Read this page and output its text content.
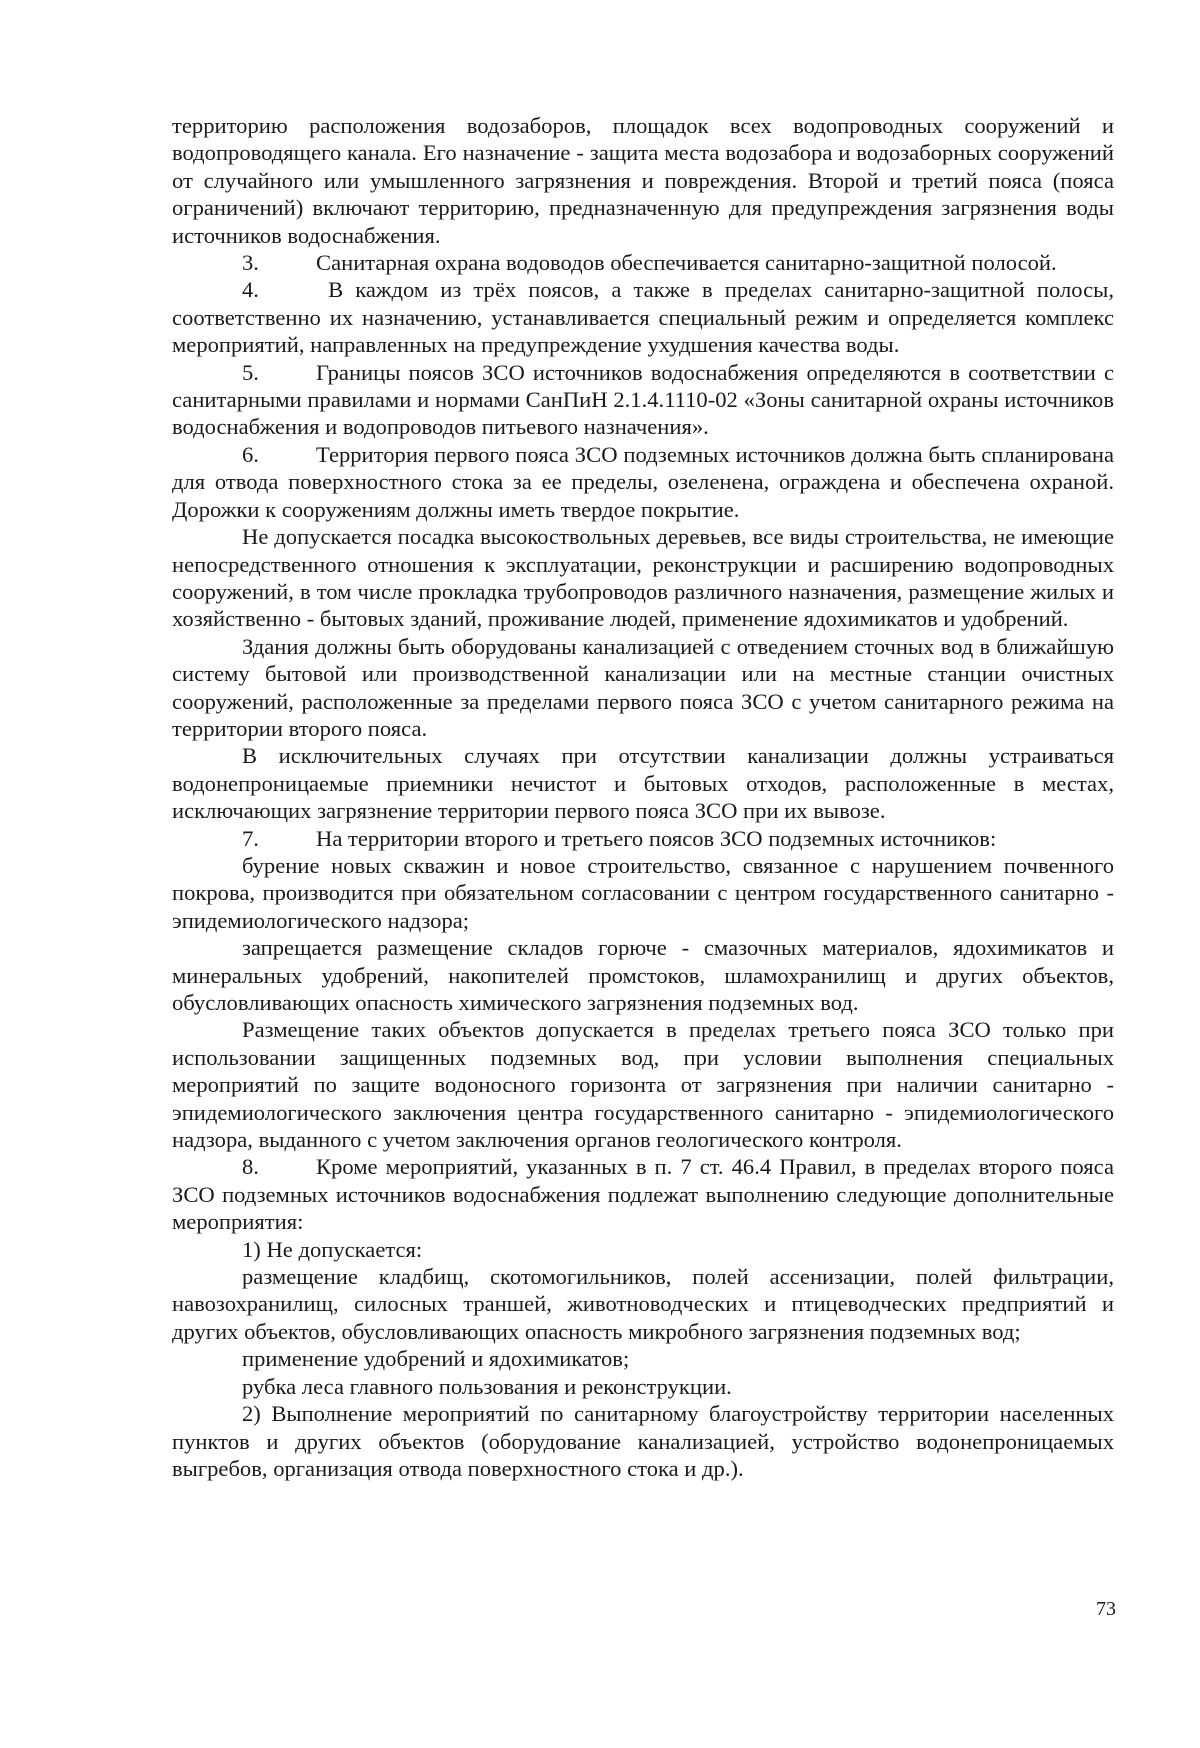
территорию расположения водозаборов, площадок всех водопроводных сооружений и водопроводящего канала. Его назначение - защита места водозабора и водозаборных сооружений от случайного или умышленного загрязнения и повреждения. Второй и третий пояса (пояса ограничений) включают территорию, предназначенную для предупреждения загрязнения воды источников водоснабжения.

3.	Санитарная охрана водоводов обеспечивается санитарно-защитной полосой.

4.	В каждом из трёх поясов, а также в пределах санитарно-защитной полосы, соответственно их назначению, устанавливается специальный режим и определяется комплекс мероприятий, направленных на предупреждение ухудшения качества воды.

5.	Границы поясов ЗСО источников водоснабжения определяются в соответствии с санитарными правилами и нормами СанПиН 2.1.4.1110-02 «Зоны санитарной охраны источников водоснабжения и водопроводов питьевого назначения».

6.	Территория первого пояса ЗСО подземных источников должна быть спланирована для отвода поверхностного стока за ее пределы, озеленена, ограждена и обеспечена охраной. Дорожки к сооружениям должны иметь твердое покрытие.

Не допускается посадка высокоствольных деревьев, все виды строительства, не имеющие непосредственного отношения к эксплуатации, реконструкции и расширению водопроводных сооружений, в том числе прокладка трубопроводов различного назначения, размещение жилых и хозяйственно - бытовых зданий, проживание людей, применение ядохимикатов и удобрений.

Здания должны быть оборудованы канализацией с отведением сточных вод в ближайшую систему бытовой или производственной канализации или на местные станции очистных сооружений, расположенные за пределами первого пояса ЗСО с учетом санитарного режима на территории второго пояса.

В исключительных случаях при отсутствии канализации должны устраиваться водонепроницаемые приемники нечистот и бытовых отходов, расположенные в местах, исключающих загрязнение территории первого пояса ЗСО при их вывозе.

7.	На территории второго и третьего поясов ЗСО подземных источников:

бурение новых скважин и новое строительство, связанное с нарушением почвенного покрова, производится при обязательном согласовании с центром государственного санитарно - эпидемиологического надзора;

запрещается размещение складов горюче - смазочных материалов, ядохимикатов и минеральных удобрений, накопителей промстоков, шламохранилищ и других объектов, обусловливающих опасность химического загрязнения подземных вод.

Размещение таких объектов допускается в пределах третьего пояса ЗСО только при использовании защищенных подземных вод, при условии выполнения специальных мероприятий по защите водоносного горизонта от загрязнения при наличии санитарно - эпидемиологического заключения центра государственного санитарно - эпидемиологического надзора, выданного с учетом заключения органов геологического контроля.

8.	Кроме мероприятий, указанных в п. 7 ст. 46.4 Правил, в пределах второго пояса ЗСО подземных источников водоснабжения подлежат выполнению следующие дополнительные мероприятия:

1) Не допускается:

размещение кладбищ, скотомогильников, полей ассенизации, полей фильтрации, навозохранилищ, силосных траншей, животноводческих и птицеводческих предприятий и других объектов, обусловливающих опасность микробного загрязнения подземных вод;

применение удобрений и ядохимикатов;

рубка леса главного пользования и реконструкции.

2) Выполнение мероприятий по санитарному благоустройству территории населенных пунктов и других объектов (оборудование канализацией, устройство водонепроницаемых выгребов, организация отвода поверхностного стока и др.).

73
